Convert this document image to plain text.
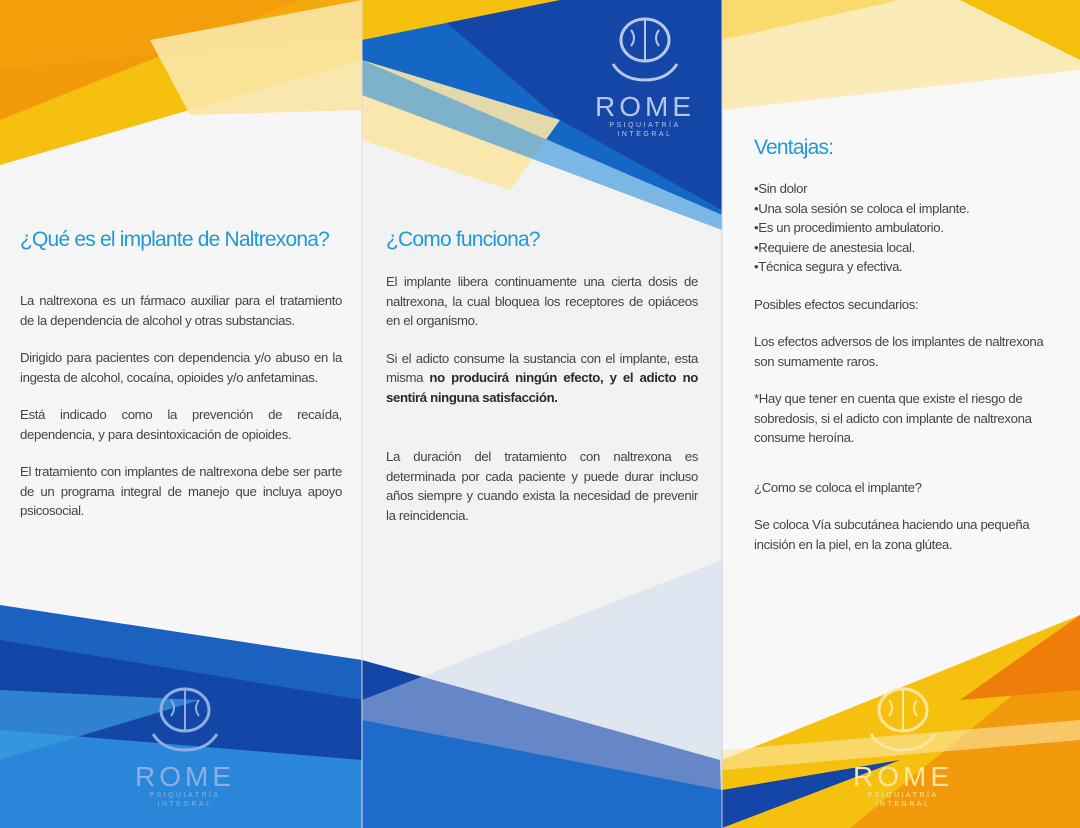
ROME
PSIQUIATRÍA INTEGRAL
ROME
PSIQUIATRÍA INTEGRAL
ROME
PSIQUIATRÍA INTEGRAL
¿Qué es el implante de Naltrexona?

La naltrexona es un fármaco auxiliar para el tratamiento de la dependencia de alcohol y otras substancias.

Dirigido para pacientes con dependencia y/o abuso en la ingesta de alcohol, cocaína, opioides y/o anfetaminas.

Está indicado como la prevención de recaída, dependencia, y para desintoxicación de opioides.

El tratamiento con implantes de naltrexona debe ser parte de un programa integral de manejo que incluya apoyo psicosocial.

¿Como funciona?

El implante libera continuamente una cierta dosis de naltrexona, la cual bloquea los receptores de opiáceos en el organismo.

Si el adicto consume la sustancia con el implante, esta misma no producirá ningún efecto, y el adicto no sentirá ninguna satisfacción.

La duración del tratamiento con naltrexona es determinada por cada paciente y puede durar incluso años siempre y cuando exista la necesidad de prevenir la reincidencia.

Ventajas:
•Sin dolor
•Una sola sesión se coloca el implante.
•Es un procedimiento ambulatorio.
•Requiere de anestesia local.
•Técnica segura y efectiva.

Posibles efectos secundarios:

Los efectos adversos de los implantes de naltrexona son sumamente raros.

*Hay que tener en cuenta que existe el riesgo de sobredosis, si el adicto con implante de naltrexona consume heroína.

¿Como se coloca el implante?

Se coloca Vía subcutánea haciendo una pequeña incisión en la piel, en la zona glútea.
